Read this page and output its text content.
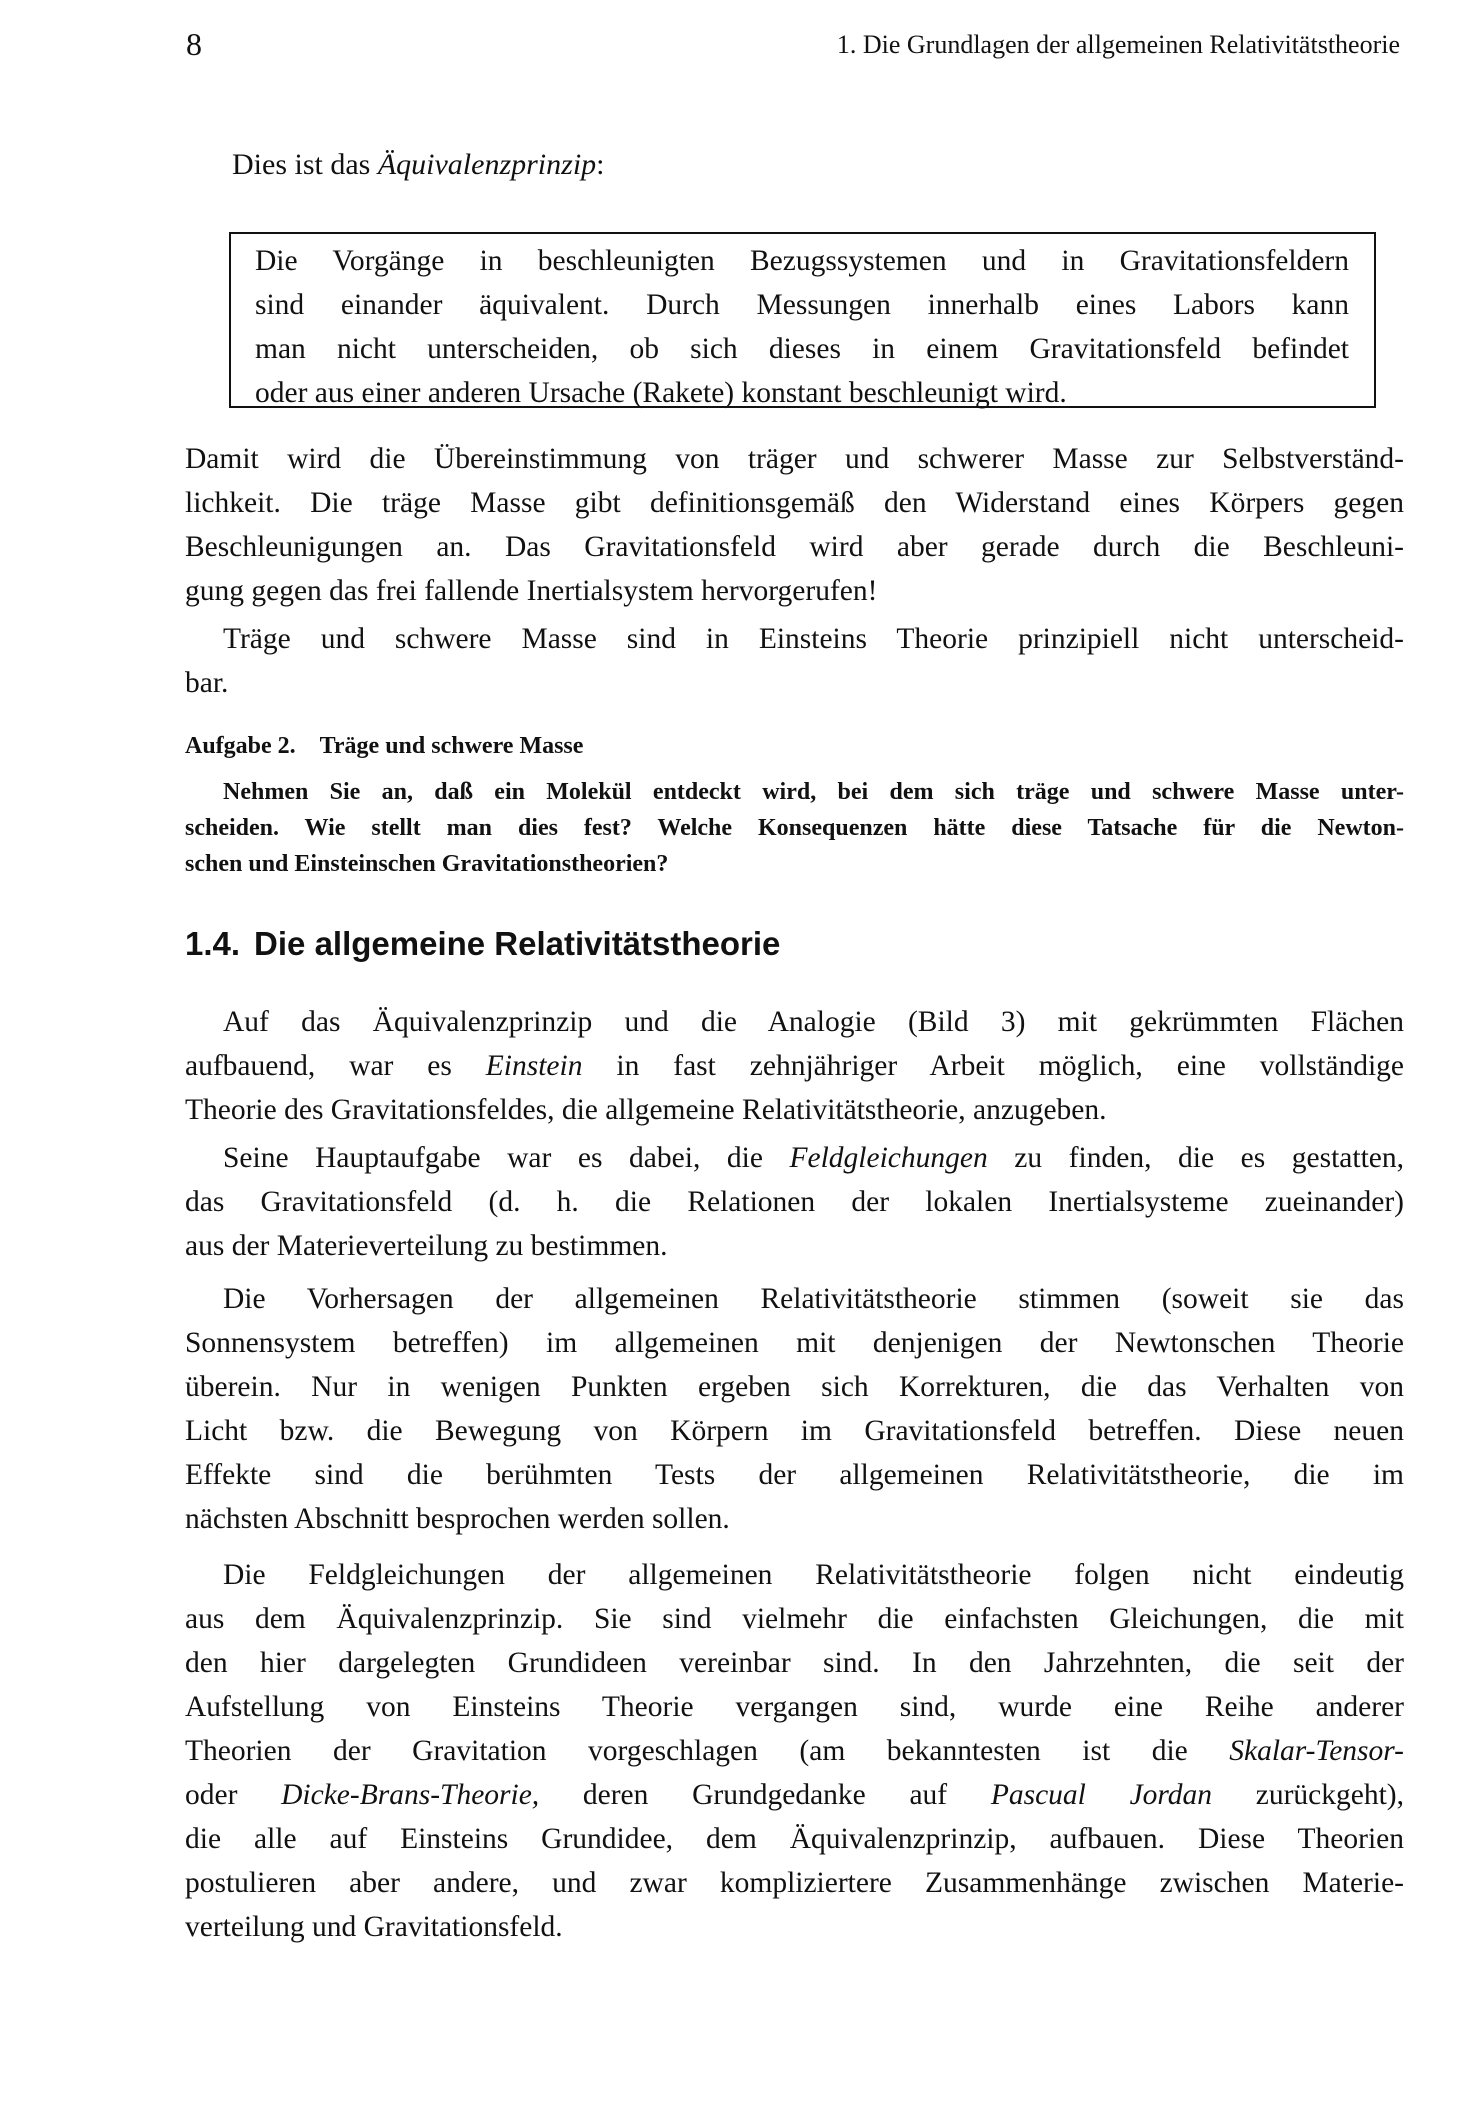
8	1. Die Grundlagen der allgemeinen Relativitätstheorie
Dies ist das Äquivalenzprinzip:
Die Vorgänge in beschleunigten Bezugssystemen und in Gravitationsfeldern
sind einander äquivalent. Durch Messungen innerhalb eines Labors kann
man nicht unterscheiden, ob sich dieses in einem Gravitationsfeld befindet
oder aus einer anderen Ursache (Rakete) konstant beschleunigt wird.
Damit wird die Übereinstimmung von träger und schwerer Masse zur Selbstverständ-
lichkeit. Die träge Masse gibt definitionsgemäß den Widerstand eines Körpers gegen
Beschleunigungen an. Das Gravitationsfeld wird aber gerade durch die Beschleuni-
gung gegen das frei fallende Inertialsystem hervorgerufen!
Träge und schwere Masse sind in Einsteins Theorie prinzipiell nicht unterscheid-
bar.
Aufgabe 2. Träge und schwere Masse
Nehmen Sie an, daß ein Molekül entdeckt wird, bei dem sich träge und schwere Masse unter-
scheiden. Wie stellt man dies fest? Welche Konsequenzen hätte diese Tatsache für die Newton-
schen und Einsteinschen Gravitationstheorien?
1.4. Die allgemeine Relativitätstheorie
Auf das Äquivalenzprinzip und die Analogie (Bild 3) mit gekrümmten Flächen
aufbauend, war es Einstein in fast zehnjähriger Arbeit möglich, eine vollständige
Theorie des Gravitationsfeldes, die allgemeine Relativitätstheorie, anzugeben.
Seine Hauptaufgabe war es dabei, die Feldgleichungen zu finden, die es gestatten,
das Gravitationsfeld (d. h. die Relationen der lokalen Inertialsysteme zueinander)
aus der Materieverteilung zu bestimmen.
Die Vorhersagen der allgemeinen Relativitätstheorie stimmen (soweit sie das
Sonnensystem betreffen) im allgemeinen mit denjenigen der Newtonschen Theorie
überein. Nur in wenigen Punkten ergeben sich Korrekturen, die das Verhalten von
Licht bzw. die Bewegung von Körpern im Gravitationsfeld betreffen. Diese neuen
Effekte sind die berühmten Tests der allgemeinen Relativitätstheorie, die im
nächsten Abschnitt besprochen werden sollen.
Die Feldgleichungen der allgemeinen Relativitätstheorie folgen nicht eindeutig
aus dem Äquivalenzprinzip. Sie sind vielmehr die einfachsten Gleichungen, die mit
den hier dargelegten Grundideen vereinbar sind. In den Jahrzehnten, die seit der
Aufstellung von Einsteins Theorie vergangen sind, wurde eine Reihe anderer
Theorien der Gravitation vorgeschlagen (am bekanntesten ist die Skalar-Tensor-
oder Dicke-Brans-Theorie, deren Grundgedanke auf Pascual Jordan zurückgeht),
die alle auf Einsteins Grundidee, dem Äquivalenzprinzip, aufbauen. Diese Theorien
postulieren aber andere, und zwar kompliziertere Zusammenhänge zwischen Materie-
verteilung und Gravitationsfeld.
